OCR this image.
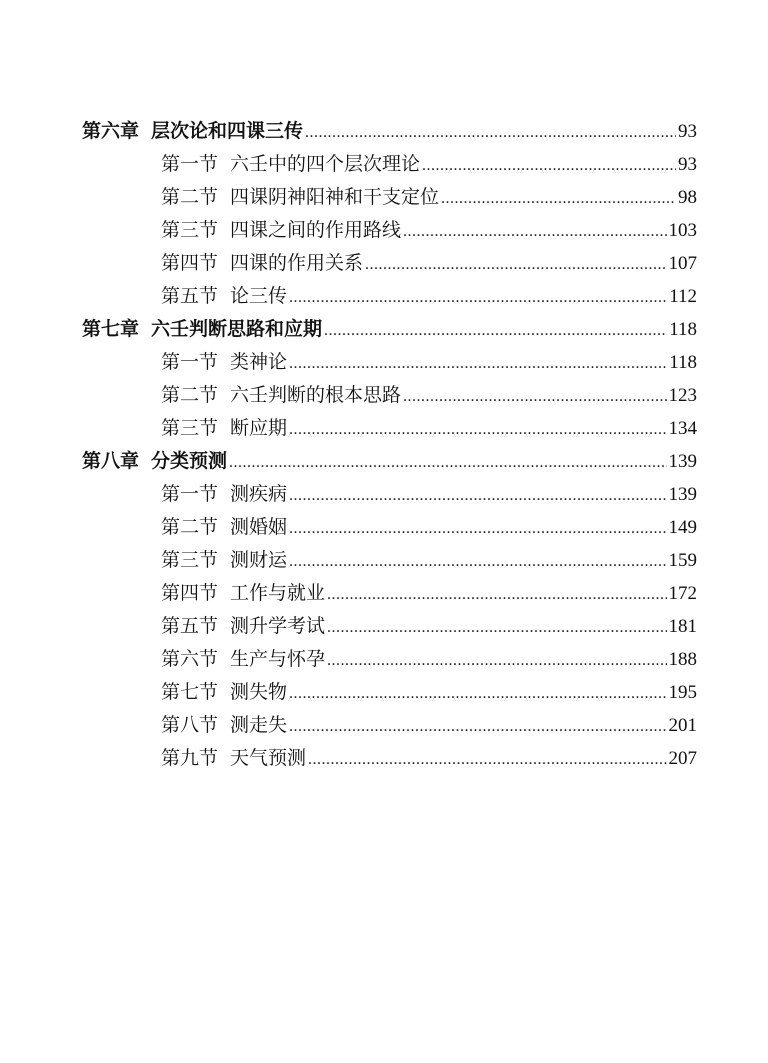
第六章 层次论和四课三传 .....	93
第一节 六壬中的四个层次理论 .....	93
第二节 四课阴神阳神和干支定位 .....	98
第三节 四课之间的作用路线 .....	103
第四节 四课的作用关系 .....	107
第五节 论三传 .....	112
第七章 六壬判断思路和应期 .....	118
第一节 类神论 .....	118
第二节 六壬判断的根本思路 .....	123
第三节 断应期 .....	134
第八章 分类预测 .....	139
第一节 测疾病 .....	139
第二节 测婚姻 .....	149
第三节 测财运 .....	159
第四节 工作与就业 .....	172
第五节 测升学考试 .....	181
第六节 生产与怀孕 .....	188
第七节 测失物 .....	195
第八节 测走失 .....	201
第九节 天气预测 .....	207
